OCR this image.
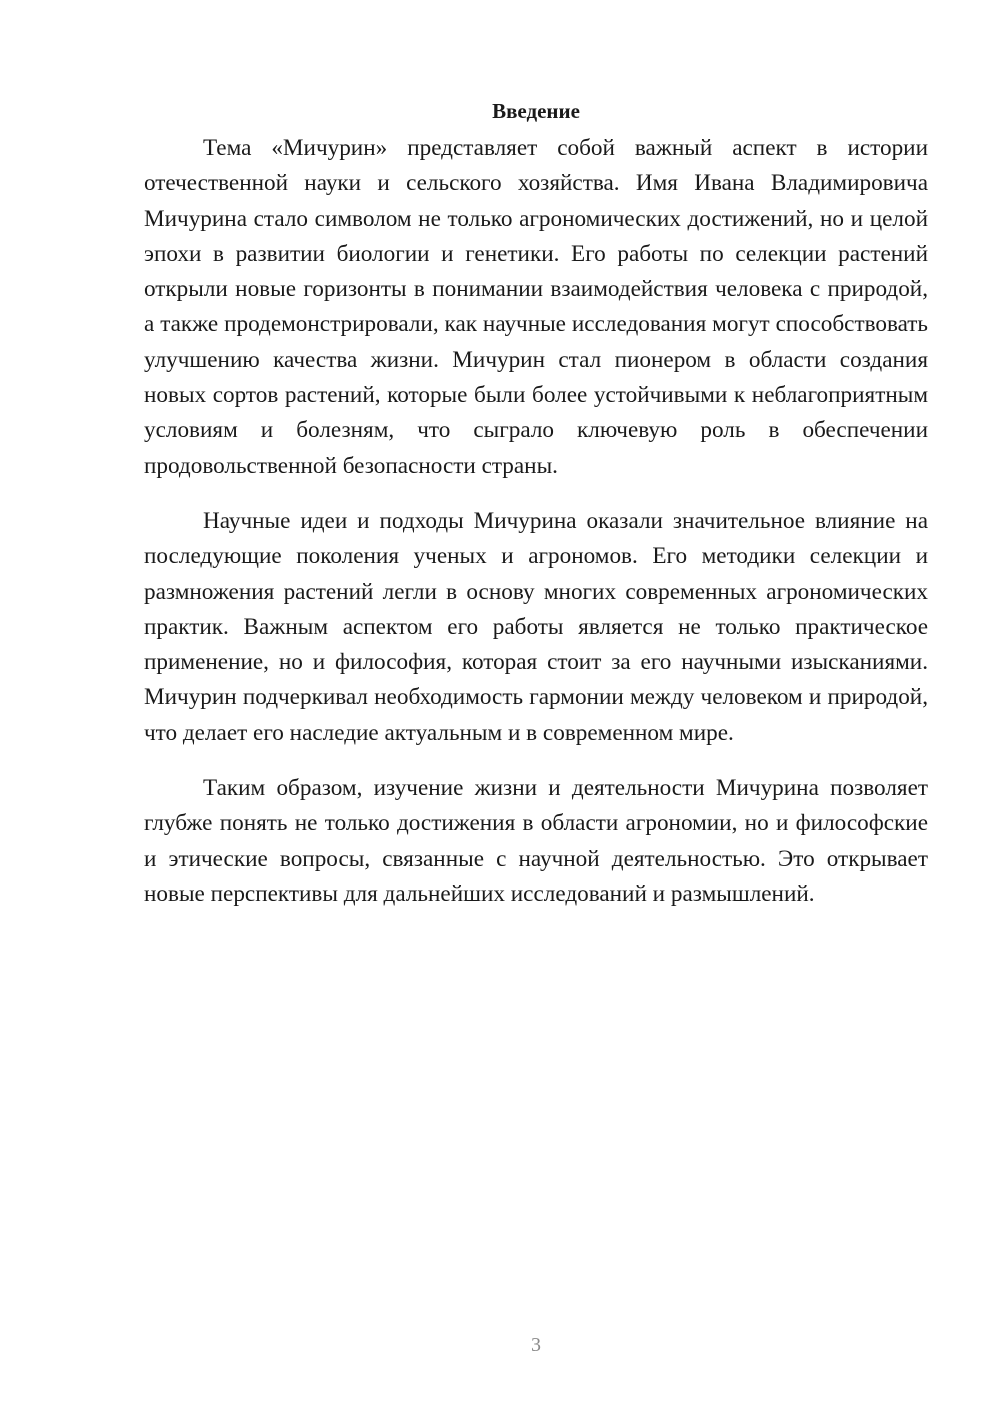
Введение

Тема «Мичурин» представляет собой важный аспект в истории отечественной науки и сельского хозяйства. Имя Ивана Владимировича Мичурина стало символом не только агрономических достижений, но и целой эпохи в развитии биологии и генетики. Его работы по селекции растений открыли новые горизонты в понимании взаимодействия человека с природой, а также продемонстрировали, как научные исследования могут способствовать улучшению качества жизни. Мичурин стал пионером в области создания новых сортов растений, которые были более устойчивыми к неблагоприятным условиям и болезням, что сыграло ключевую роль в обеспечении продовольственной безопасности страны.

Научные идеи и подходы Мичурина оказали значительное влияние на последующие поколения ученых и агрономов. Его методики селекции и размножения растений легли в основу многих современных агрономических практик. Важным аспектом его работы является не только практическое применение, но и философия, которая стоит за его научными изысканиями. Мичурин подчеркивал необходимость гармонии между человеком и природой, что делает его наследие актуальным и в современном мире.

Таким образом, изучение жизни и деятельности Мичурина позволяет глубже понять не только достижения в области агрономии, но и философские и этические вопросы, связанные с научной деятельностью. Это открывает новые перспективы для дальнейших исследований и размышлений.

3
